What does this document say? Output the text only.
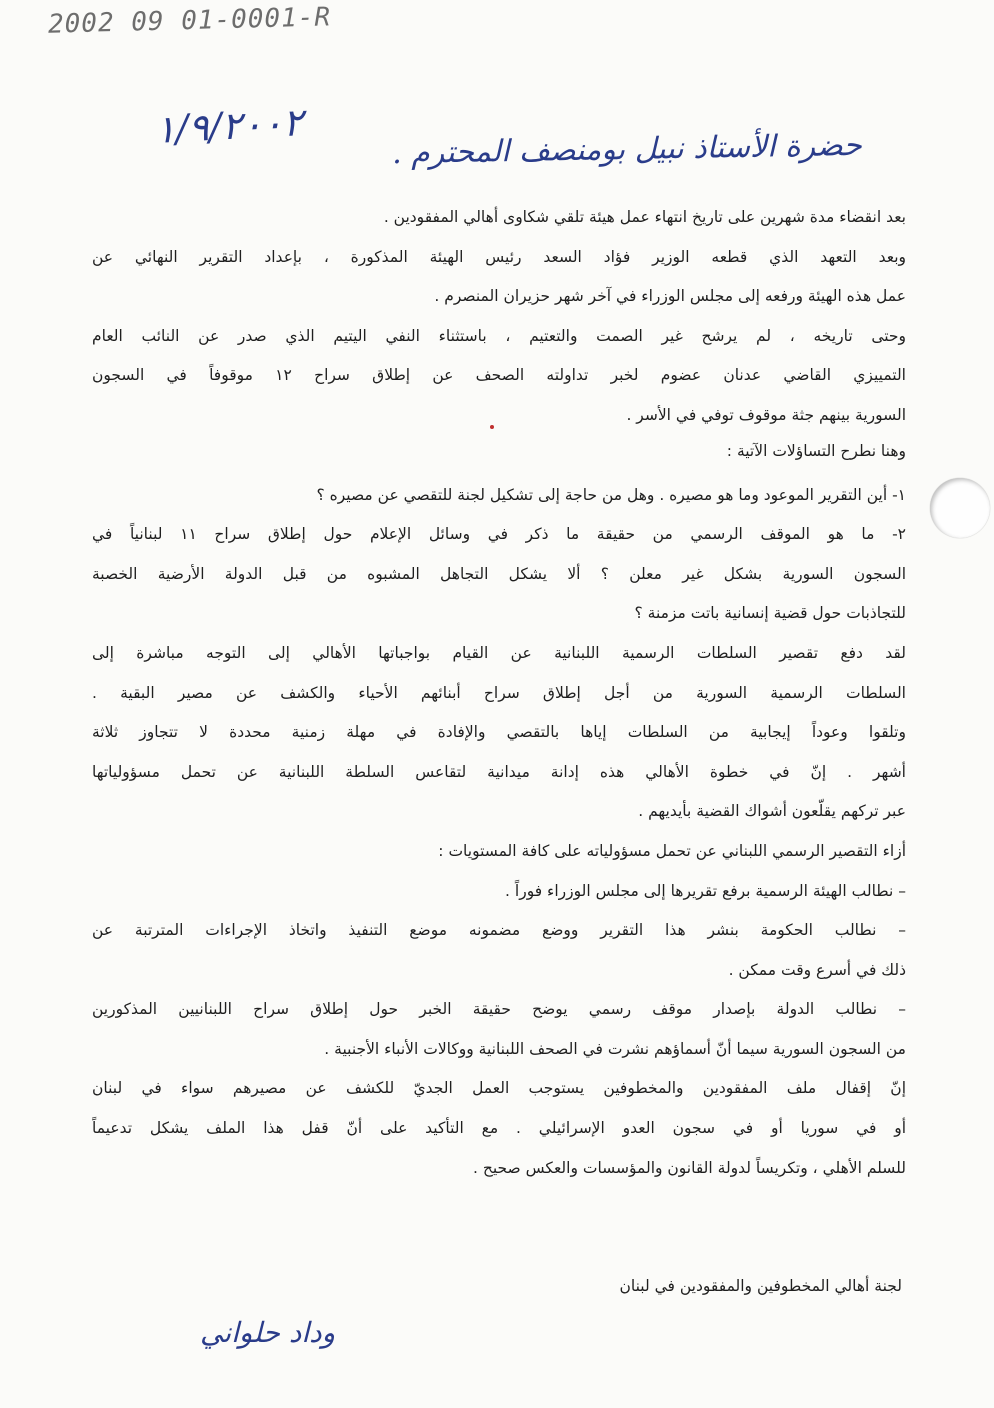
2002 09 01-0001-R
١/٩/٢٠٠٢	حضرة الأستاذ نبيل بومنصف المحترم .
بعد انقضاء مدة شهرين على تاريخ انتهاء عمل هيئة تلقي شكاوى أهالي المفقودين .
وبعد التعهد الذي قطعه الوزير فؤاد السعد رئيس الهيئة المذكورة ، بإعداد التقرير النهائي عن
عمل هذه الهيئة ورفعه إلى مجلس الوزراء في آخر شهر حزيران المنصرم .
وحتى تاريخه ، لم يرشح غير الصمت والتعتيم ، باستثناء النفي اليتيم الذي صدر عن النائب العام
التمييزي القاضي عدنان عضوم لخبر تداولته الصحف عن إطلاق سراح ١٢ موقوفاً في السجون
السورية بينهم جثة موقوف توفي في الأسر .
وهنا نطرح التساؤلات الآتية :
١- أين التقرير الموعود وما هو مصيره . وهل من حاجة إلى تشكيل لجنة للتقصي عن مصيره ؟
٢- ما هو الموقف الرسمي من حقيقة ما ذكر في وسائل الإعلام حول إطلاق سراح ١١ لبنانياً في
السجون السورية بشكل غير معلن ؟ ألا يشكل التجاهل المشبوه من قبل الدولة الأرضية الخصبة
للتجاذبات حول قضية إنسانية باتت مزمنة ؟
لقد دفع تقصير السلطات الرسمية اللبنانية عن القيام بواجباتها الأهالي إلى التوجه مباشرة إلى
السلطات الرسمية السورية من أجل إطلاق سراح أبنائهم الأحياء والكشف عن مصير البقية .
وتلقوا وعوداً إيجابية من السلطات إياها بالتقصي والإفادة في مهلة زمنية محددة لا تتجاوز ثلاثة
أشهر . إنّ في خطوة الأهالي هذه إدانة ميدانية لتقاعس السلطة اللبنانية عن تحمل مسؤولياتها
عبر تركهم يقلّعون أشواك القضية بأيديهم .
أزاء التقصير الرسمي اللبناني عن تحمل مسؤولياته على كافة المستويات :
– نطالب الهيئة الرسمية برفع تقريرها إلى مجلس الوزراء فوراً .
– نطالب الحكومة بنشر هذا التقرير ووضع مضمونه موضع التنفيذ واتخاذ الإجراءات المترتبة عن
ذلك في أسرع وقت ممكن .
– نطالب الدولة بإصدار موقف رسمي يوضح حقيقة الخبر حول إطلاق سراح اللبنانيين المذكورين
من السجون السورية سيما أنّ أسماؤهم نشرت في الصحف اللبنانية ووكالات الأنباء الأجنبية .
إنّ إقفال ملف المفقودين والمخطوفين يستوجب العمل الجديّ للكشف عن مصيرهم سواء في لبنان
أو في سوريا أو في سجون العدو الإسرائيلي . مع التأكيد على أنّ قفل هذا الملف يشكل تدعيماً
للسلم الأهلي ، وتكريساً لدولة القانون والمؤسسات والعكس صحيح .
لجنة أهالي المخطوفين والمفقودين في لبنان
وداد حلواني
